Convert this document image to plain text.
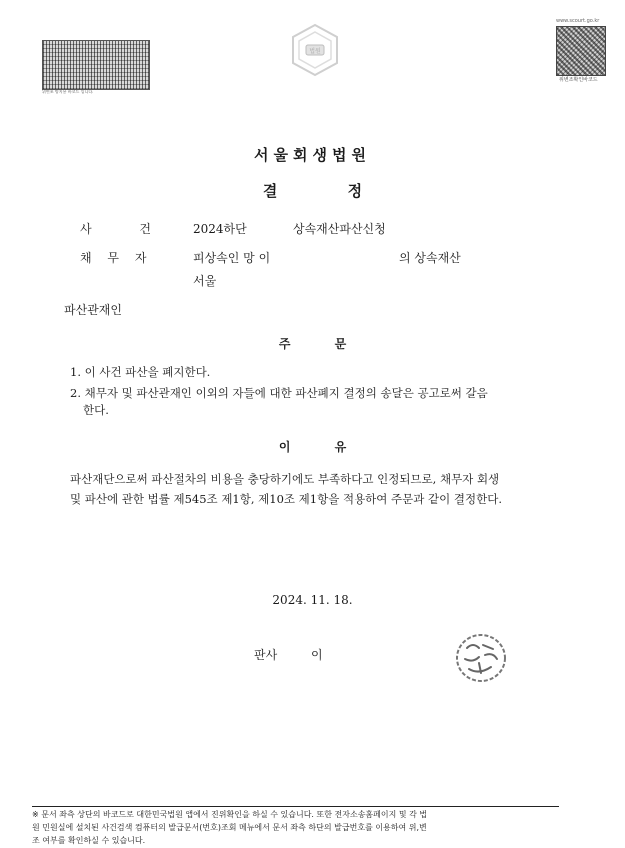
위변조 방지용 바코드 입니다.
법원
www.scourt.go.kr
위변조확인바코드
서울회생법원
결 정
사 건	2024하단	상속재산파산신청
채 무 자	피상속인 망 이	의 상속재산
서울
파산관재인
주 문
1. 이 사건 파산을 폐지한다.
2. 채무자 및 파산관재인 이외의 자들에 대한 파산폐지 결정의 송달은 공고로써 갈음
한다.
이 유
파산재단으로써 파산절차의 비용을 충당하기에도 부족하다고 인정되므로, 채무자 회생
및 파산에 관한 법률 제545조 제1항, 제10조 제1항을 적용하여 주문과 같이 결정한다.
2024. 11. 18.
판사	이
※ 문서 좌측 상단의 바코드로 대한민국법원 앱에서 진위확인을 하실 수 있습니다. 또한 전자소송홈페이지 및 각 법
원 민원실에 설치된 사건검색 컴퓨터의 발급문서(번호)조회 메뉴에서 문서 좌측 하단의 발급번호를 이용하여 위,변
조 여부를 확인하실 수 있습니다.
